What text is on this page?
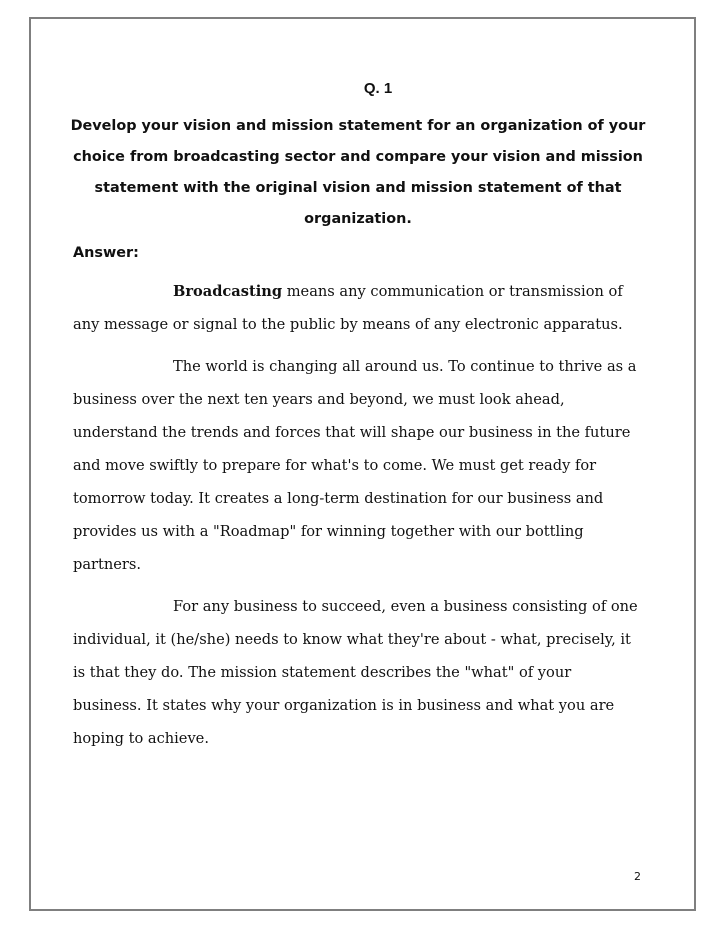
Q. 1
Develop your vision and mission statement for an organization of your choice from broadcasting sector and compare your vision and mission statement with the original vision and mission statement of that organization.
Answer:

Broadcasting means any communication or transmission of any message or signal to the public by means of any electronic apparatus.

The world is changing all around us. To continue to thrive as a business over the next ten years and beyond, we must look ahead, understand the trends and forces that will shape our business in the future and move swiftly to prepare for what's to come. We must get ready for tomorrow today. It creates a long-term destination for our business and provides us with a "Roadmap" for winning together with our bottling partners.

For any business to succeed, even a business consisting of one individual, it (he/she) needs to know what they're about - what, precisely, it is that they do. The mission statement describes the "what" of your business. It states why your organization is in business and what you are hoping to achieve.

2
